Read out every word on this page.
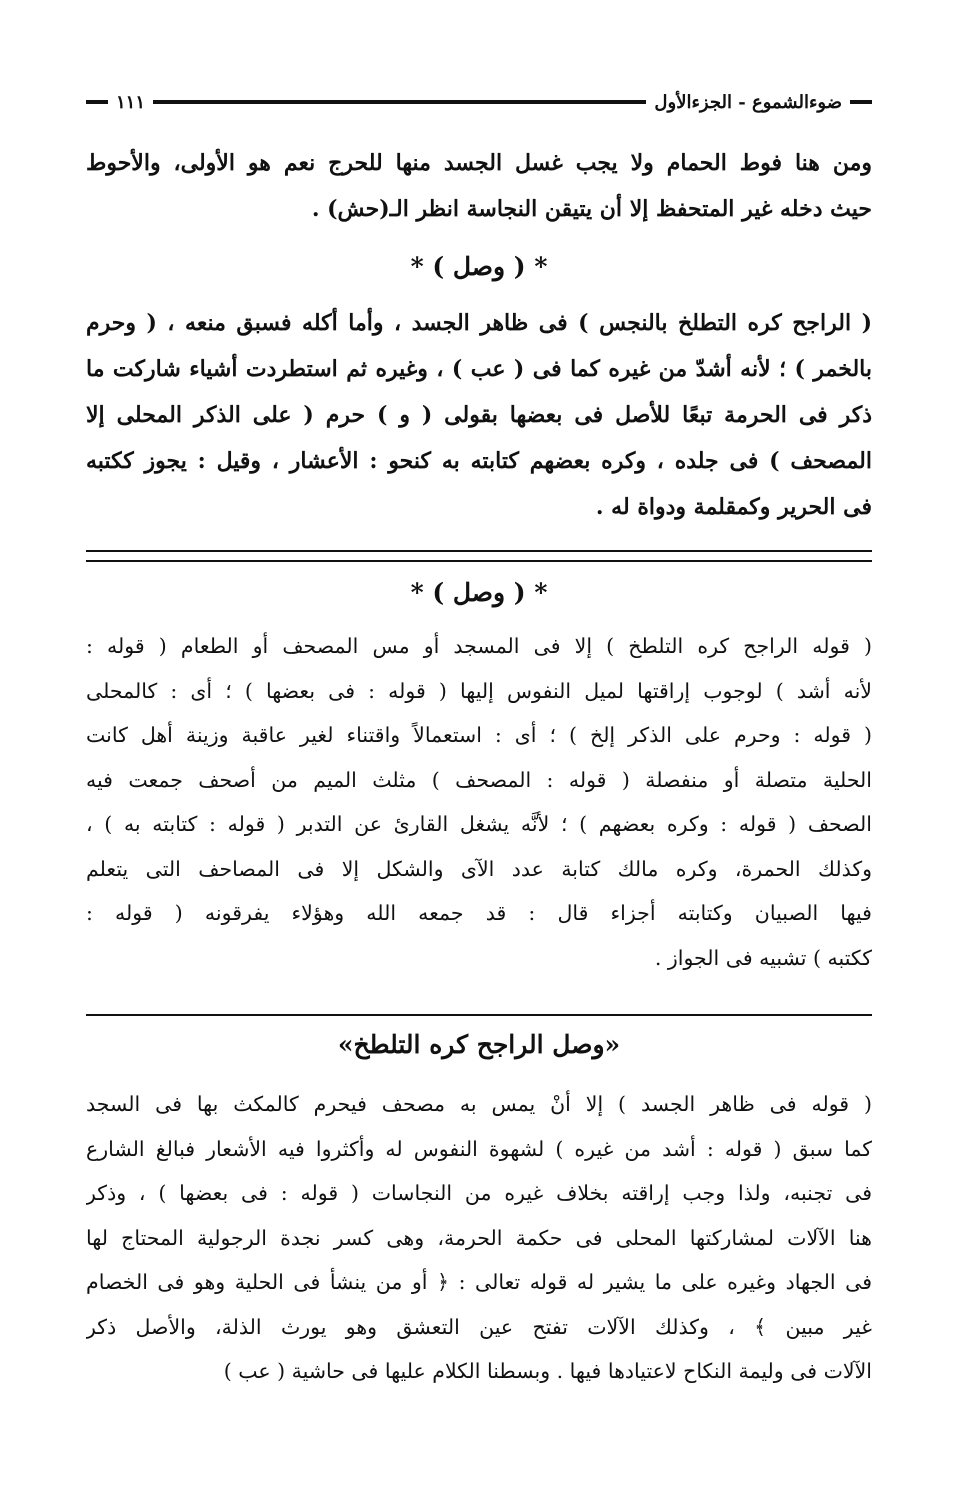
ضوءالشموع - الجزءالأول
١١١
ومن هنا فوط الحمام ولا يجب غسل الجسد منها للحرج نعم هو الأولى، والأحوط
حيث دخله غير المتحفظ إلا أن يتيقن النجاسة انظر الـ(حش) .
* ( وصل ) *
( الراجح كره التطلخ بالنجس ) فى ظاهر الجسد ، وأما أكله فسبق منعه ، ( وحرم
بالخمر ) ؛ لأنه أشدّ من غيره كما فى ( عب ) ، وغيره ثم استطردت أشياء شاركت ما
ذكر فى الحرمة تبعًا للأصل فى بعضها بقولى ( و ) حرم ( على الذكر المحلى إلا
المصحف ) فى جلده ، وكره بعضهم كتابته به كنحو : الأعشار ، وقيل : يجوز ككتبه
فى الحرير وكمقلمة ودواة له .
* ( وصل ) *
( قوله الراجح كره التلطخ ) إلا فى المسجد أو مس المصحف أو الطعام ( قوله :
لأنه أشد ) لوجوب إراقتها لميل النفوس إليها ( قوله : فى بعضها ) ؛ أى : كالمحلى
( قوله : وحرم على الذكر إلخ ) ؛ أى : استعمالاً واقتناء لغير عاقبة وزينة أهل كانت
الحلية متصلة أو منفصلة ( قوله : المصحف ) مثلث الميم من أصحف جمعت فيه
الصحف ( قوله : وكره بعضهم ) ؛ لأنَّه يشغل القارئ عن التدبر ( قوله : كتابته به ) ،
وكذلك الحمرة، وكره مالك كتابة عدد الآى والشكل إلا فى المصاحف التى يتعلم
فيها الصبيان وكتابته أجزاء قال : قد جمعه الله وهؤلاء يفرقونه ( قوله :
ككتبه ) تشبيه فى الجواز .
«وصل الراجح كره التلطخ»
( قوله فى ظاهر الجسد ) إلا أنْ يمس به مصحف فيحرم كالمكث بها فى السجد
كما سبق ( قوله : أشد من غيره ) لشهوة النفوس له وأكثروا فيه الأشعار فبالغ الشارع
فى تجنبه، ولذا وجب إراقته بخلاف غيره من النجاسات ( قوله : فى بعضها ) ، وذكر
هنا الآلات لمشاركتها المحلى فى حكمة الحرمة، وهى كسر نجدة الرجولية المحتاج لها
فى الجهاد وغيره على ما يشير له قوله تعالى : ﴿ أو من ينشأ فى الحلية وهو فى الخصام
غير مبين ﴾ ، وكذلك الآلات تفتح عين التعشق وهو يورث الذلة، والأصل ذكر
الآلات فى وليمة النكاح لاعتيادها فيها . وبسطنا الكلام عليها فى حاشية ( عب )
